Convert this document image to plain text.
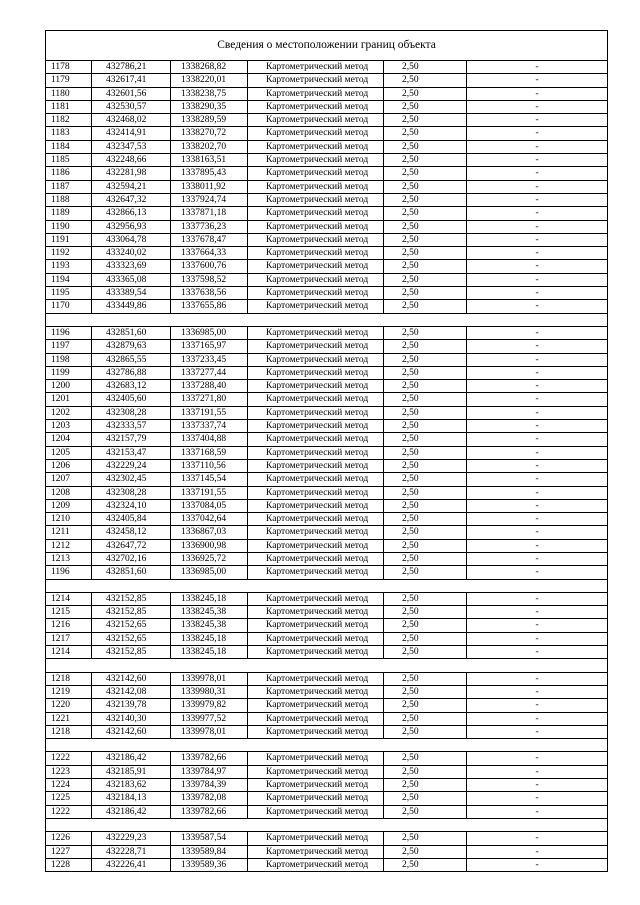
Сведения о местоположении границ объекта					
1178	432786,21	1338268,82	Картометрический метод	2,50	-
1179	432617,41	1338220,01	Картометрический метод	2,50	-
1180	432601,56	1338238,75	Картометрический метод	2,50	-
1181	432530,57	1338290,35	Картометрический метод	2,50	-
1182	432468,02	1338289,59	Картометрический метод	2,50	-
1183	432414,91	1338270,72	Картометрический метод	2,50	-
1184	432347,53	1338202,70	Картометрический метод	2,50	-
1185	432248,66	1338163,51	Картометрический метод	2,50	-
1186	432281,98	1337895,43	Картометрический метод	2,50	-
1187	432594,21	1338011,92	Картометрический метод	2,50	-
1188	432647,32	1337924,74	Картометрический метод	2,50	-
1189	432866,13	1337871,18	Картометрический метод	2,50	-
1190	432956,93	1337736,23	Картометрический метод	2,50	-
1191	433064,78	1337678,47	Картометрический метод	2,50	-
1192	433240,02	1337664,33	Картометрический метод	2,50	-
1193	433323,69	1337600,76	Картометрический метод	2,50	-
1194	433365,08	1337598,52	Картометрический метод	2,50	-
1195	433389,54	1337638,56	Картометрический метод	2,50	-
1170	433449,86	1337655,86	Картометрический метод	2,50	-

1196	432851,60	1336985,00	Картометрический метод	2,50	-
1197	432879,63	1337165,97	Картометрический метод	2,50	-
1198	432865,55	1337233,45	Картометрический метод	2,50	-
1199	432786,88	1337277,44	Картометрический метод	2,50	-
1200	432683,12	1337288,40	Картометрический метод	2,50	-
1201	432405,60	1337271,80	Картометрический метод	2,50	-
1202	432308,28	1337191,55	Картометрический метод	2,50	-
1203	432333,57	1337337,74	Картометрический метод	2,50	-
1204	432157,79	1337404,88	Картометрический метод	2,50	-
1205	432153,47	1337168,59	Картометрический метод	2,50	-
1206	432229,24	1337110,56	Картометрический метод	2,50	-
1207	432302,45	1337145,54	Картометрический метод	2,50	-
1208	432308,28	1337191,55	Картометрический метод	2,50	-
1209	432324,10	1337084,05	Картометрический метод	2,50	-
1210	432405,84	1337042,64	Картометрический метод	2,50	-
1211	432458,12	1336867,03	Картометрический метод	2,50	-
1212	432647,72	1336900,98	Картометрический метод	2,50	-
1213	432702,16	1336925,72	Картометрический метод	2,50	-
1196	432851,60	1336985,00	Картометрический метод	2,50	-

1214	432152,85	1338245,18	Картометрический метод	2,50	-
1215	432152,85	1338245,38	Картометрический метод	2,50	-
1216	432152,65	1338245,38	Картометрический метод	2,50	-
1217	432152,65	1338245,18	Картометрический метод	2,50	-
1214	432152,85	1338245,18	Картометрический метод	2,50	-

1218	432142,60	1339978,01	Картометрический метод	2,50	-
1219	432142,08	1339980,31	Картометрический метод	2,50	-
1220	432139,78	1339979,82	Картометрический метод	2,50	-
1221	432140,30	1339977,52	Картометрический метод	2,50	-
1218	432142,60	1339978,01	Картометрический метод	2,50	-

1222	432186,42	1339782,66	Картометрический метод	2,50	-
1223	432185,91	1339784,97	Картометрический метод	2,50	-
1224	432183,62	1339784,39	Картометрический метод	2,50	-
1225	432184,13	1339782,08	Картометрический метод	2,50	-
1222	432186,42	1339782,66	Картометрический метод	2,50	-

1226	432229,23	1339587,54	Картометрический метод	2,50	-
1227	432228,71	1339589,84	Картометрический метод	2,50	-
1228	432226,41	1339589,36	Картометрический метод	2,50	-
